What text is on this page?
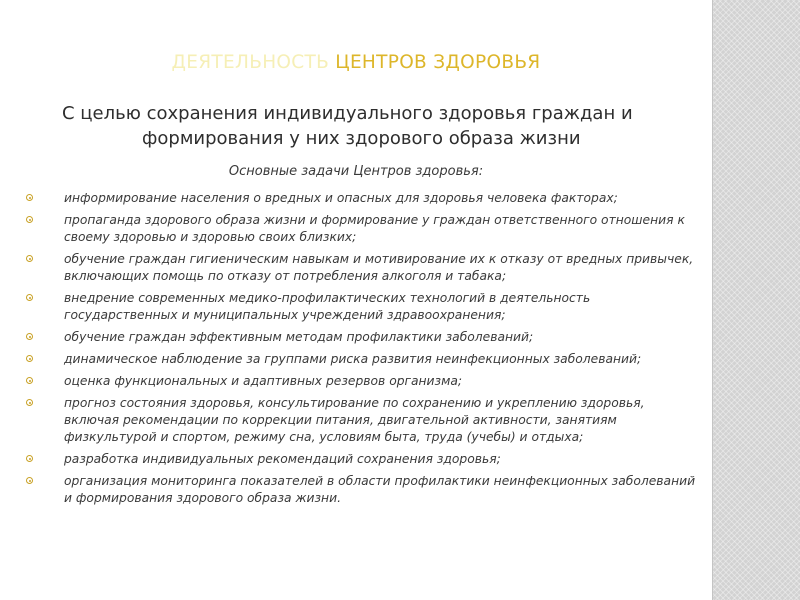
ДЕЯТЕЛЬНОСТЬ ЦЕНТРОВ ЗДОРОВЬЯ
С целью сохранения индивидуального здоровья граждан и
формирования у них здорового образа жизни
Основные задачи Центров здоровья:
информирование населения о вредных и опасных для здоровья человека факторах;
пропаганда здорового образа жизни и формирование у граждан ответственного отношения к своему здоровью и здоровью своих близких;
обучение граждан гигиеническим навыкам и мотивирование их к отказу от вредных привычек, включающих помощь по отказу от потребления алкоголя и табака;
внедрение современных медико-профилактических технологий в деятельность государственных и муниципальных учреждений здравоохранения;
обучение граждан эффективным методам профилактики заболеваний;
динамическое наблюдение за группами риска развития неинфекционных заболеваний;
оценка функциональных и адаптивных резервов организма;
прогноз состояния здоровья, консультирование по сохранению и укреплению здоровья, включая рекомендации по коррекции питания, двигательной активности, занятиям физкультурой и спортом, режиму сна, условиям быта, труда (учебы) и отдыха;
разработка индивидуальных рекомендаций сохранения здоровья;
организация мониторинга показателей в области профилактики неинфекционных заболеваний и формирования здорового образа жизни.
